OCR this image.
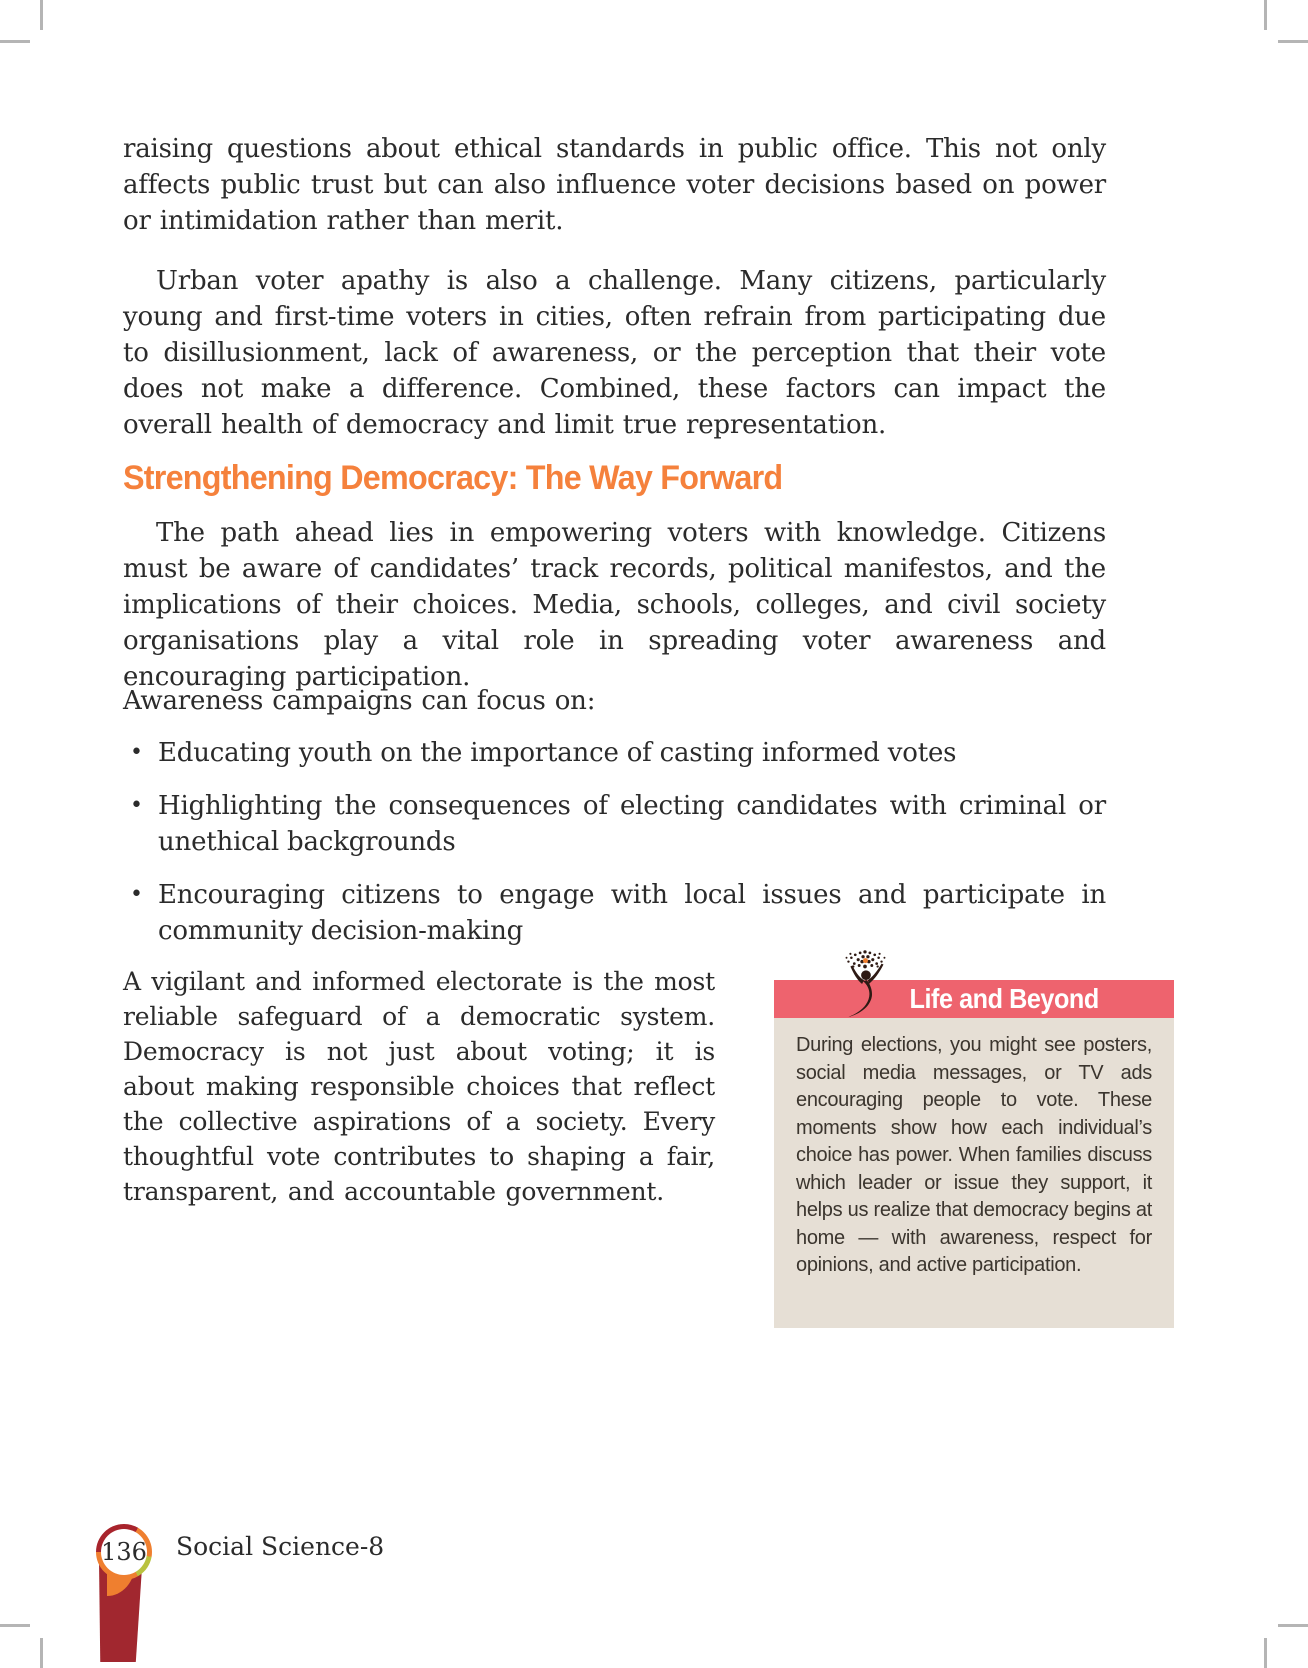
raising questions about ethical standards in public office. This not only affects public trust but can also influence voter decisions based on power or intimidation rather than merit.
Urban voter apathy is also a challenge. Many citizens, particularly young and first-time voters in cities, often refrain from participating due to disillusionment, lack of awareness, or the perception that their vote does not make a difference. Combined, these factors can impact the overall health of democracy and limit true representation.
Strengthening Democracy: The Way Forward
The path ahead lies in empowering voters with knowledge. Citizens must be aware of candidates’ track records, political manifestos, and the implications of their choices. Media, schools, colleges, and civil society organisations play a vital role in spreading voter awareness and encouraging participation.
Awareness campaigns can focus on:
• Educating youth on the importance of casting informed votes
• Highlighting the consequences of electing candidates with criminal or unethical backgrounds
• Encouraging citizens to engage with local issues and participate in community decision-making
A vigilant and informed electorate is the most reliable safeguard of a democratic system. Democracy is not just about voting; it is about making responsible choices that reflect the collective aspirations of a society. Every thoughtful vote contributes to shaping a fair, transparent, and accountable government.
Life and Beyond
During elections, you might see posters, social media messages, or TV ads encouraging people to vote. These moments show how each individual’s choice has power. When families discuss which leader or issue they support, it helps us realize that democracy begins at home — with awareness, respect for opinions, and active participation.
136 Social Science-8
